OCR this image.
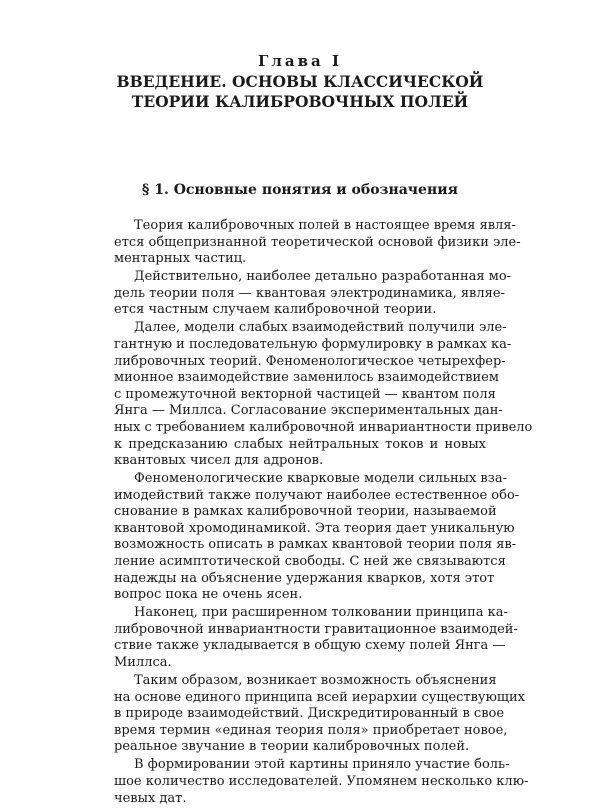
Глава I
ВВЕДЕНИЕ. ОСНОВЫ КЛАССИЧЕСКОЙ
ТЕОРИИ КАЛИБРОВОЧНЫХ ПОЛЕЙ
§ 1. Основные понятия и обозначения
Теория калибровочных полей в настоящее время явля-
ется общепризнанной теоретической основой физики эле-
ментарных частиц.
Действительно, наиболее детально разработанная мо-
дель теории поля — квантовая электродинамика, являе-
ется частным случаем калибровочной теории.
Далее, модели слабых взаимодействий получили эле-
гантную и последовательную формулировку в рамках ка-
либровочных теорий. Феноменологическое четырехфер-
мионное взаимодействие заменилось взаимодействием
с промежуточной векторной частицей — квантом поля
Янга — Миллса. Согласование экспериментальных дан-
ных с требованием калибровочной инвариантности привело
к предсказанию слабых нейтральных токов и новых
квантовых чисел для адронов.
Феноменологические кварковые модели сильных вза-
имодействий также получают наиболее естественное обо-
снование в рамках калибровочной теории, называемой
квантовой хромодинамикой. Эта теория дает уникальную
возможность описать в рамках квантовой теории поля яв-
ление асимптотической свободы. С ней же связываются
надежды на объяснение удержания кварков, хотя этот
вопрос пока не очень ясен.
Наконец, при расширенном толковании принципа ка-
либровочной инвариантности гравитационное взаимодей-
ствие также укладывается в общую схему полей Янга —
Миллса.
Таким образом, возникает возможность объяснения
на основе единого принципа всей иерархии существующих
в природе взаимодействий. Дискредитированный в свое
время термин «единая теория поля» приобретает новое,
реальное звучание в теории калибровочных полей.
В формировании этой картины приняло участие боль-
шое количество исследователей. Упомянем несколько клю-
чевых дат.
